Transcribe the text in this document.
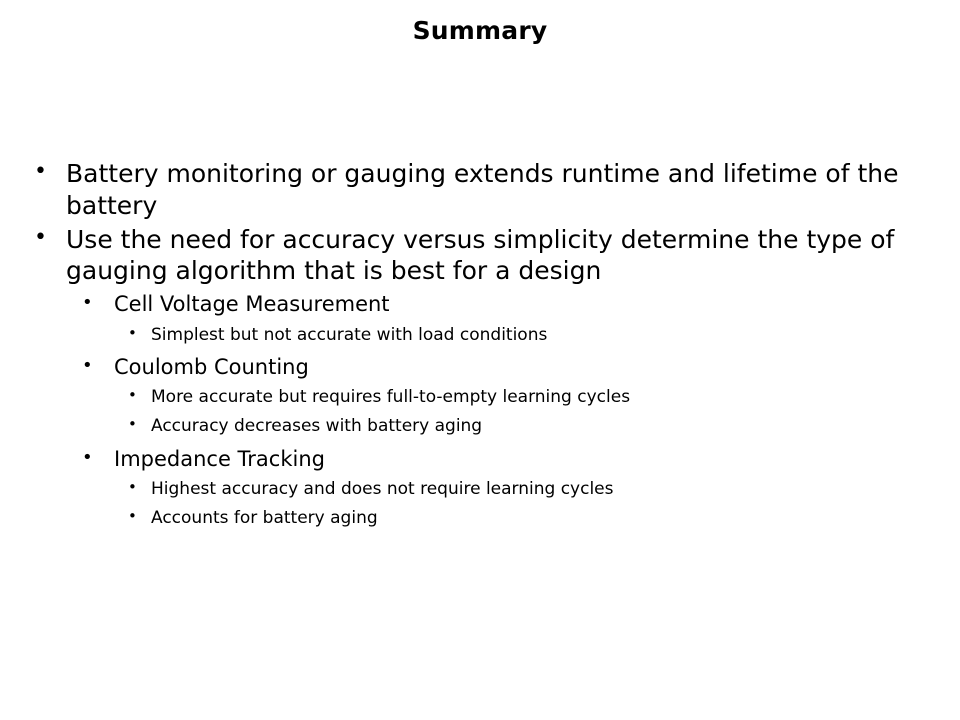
Summary
• Battery monitoring or gauging extends runtime and lifetime of the battery
• Use the need for accuracy versus simplicity determine the type of gauging algorithm that is best for a design
• Cell Voltage Measurement
• Simplest but not accurate with load conditions
• Coulomb Counting
• More accurate but requires full-to-empty learning cycles
• Accuracy decreases with battery aging
• Impedance Tracking
• Highest accuracy and does not require learning cycles
• Accounts for battery aging
